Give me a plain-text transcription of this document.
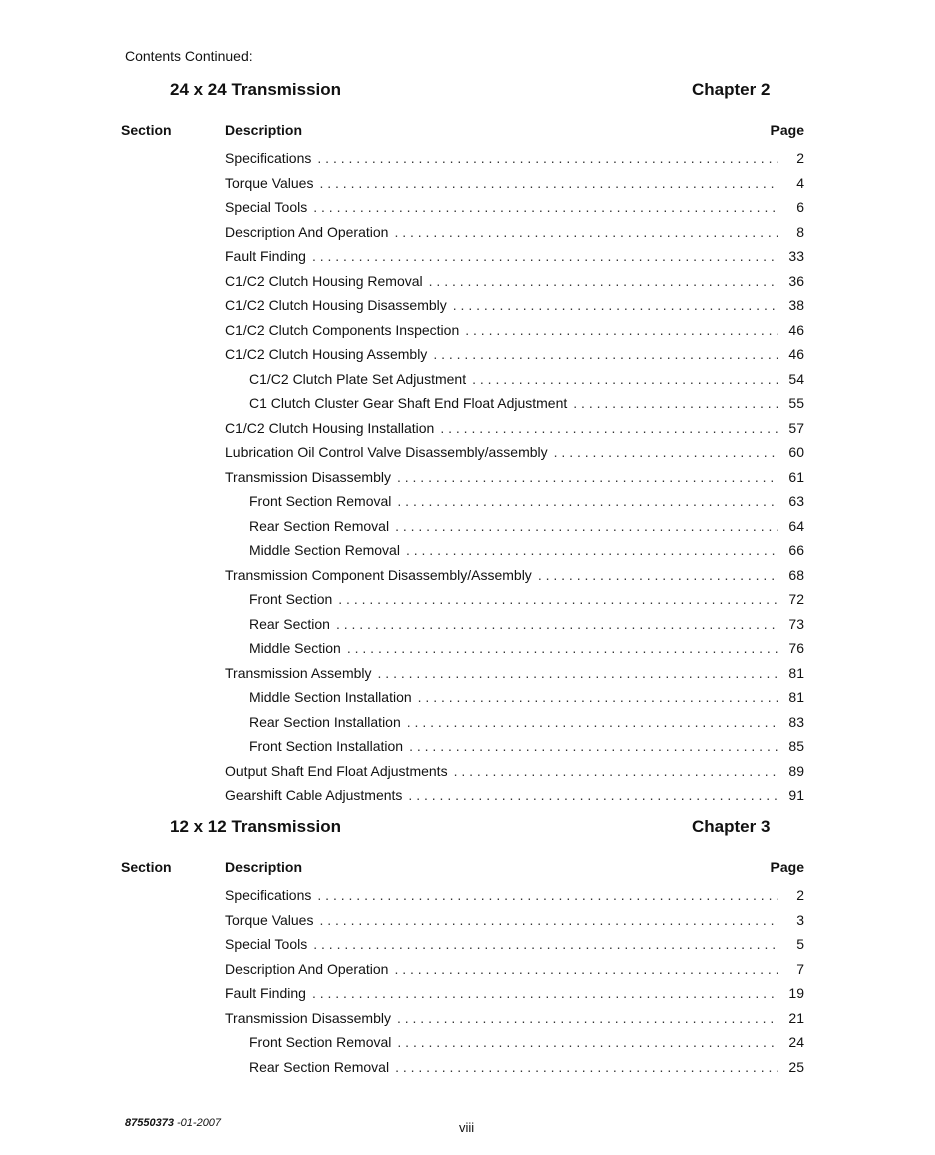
Contents Continued:
24 x 24 Transmission	Chapter 2
Section	Description	Page
Specifications . . .	2
Torque Values . . .	4
Special Tools . . .	6
Description And Operation . . .	8
Fault Finding . . .	33
C1/C2 Clutch Housing Removal . . .	36
C1/C2 Clutch Housing Disassembly . . .	38
C1/C2 Clutch Components Inspection . . .	46
C1/C2 Clutch Housing Assembly . . .	46
C1/C2 Clutch Plate Set Adjustment . . .	54
C1 Clutch Cluster Gear Shaft End Float Adjustment . . .	55
C1/C2 Clutch Housing Installation . . .	57
Lubrication Oil Control Valve Disassembly/assembly . . .	60
Transmission Disassembly . . .	61
Front Section Removal . . .	63
Rear Section Removal . . .	64
Middle Section Removal . . .	66
Transmission Component Disassembly/Assembly . . .	68
Front Section . . .	72
Rear Section . . .	73
Middle Section . . .	76
Transmission Assembly . . .	81
Middle Section Installation . . .	81
Rear Section Installation . . .	83
Front Section Installation . . .	85
Output Shaft End Float Adjustments . . .	89
Gearshift Cable Adjustments . . .	91
12 x 12 Transmission	Chapter 3
Section	Description	Page
Specifications . . .	2
Torque Values . . .	3
Special Tools . . .	5
Description And Operation . . .	7
Fault Finding . . .	19
Transmission Disassembly . . .	21
Front Section Removal . . .	24
Rear Section Removal . . .	25
87550373 -01-2007	viii
